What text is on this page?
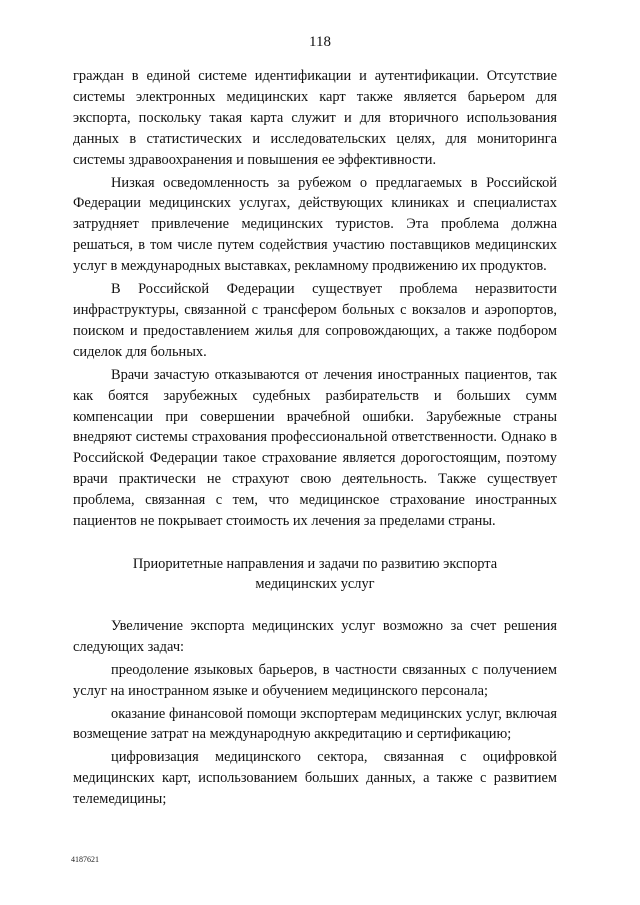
118

граждан в единой системе идентификации и аутентификации. Отсутствие системы электронных медицинских карт также является барьером для экспорта, поскольку такая карта служит и для вторичного использования данных в статистических и исследовательских целях, для мониторинга системы здравоохранения и повышения ее эффективности.

Низкая осведомленность за рубежом о предлагаемых в Российской Федерации медицинских услугах, действующих клиниках и специалистах затрудняет привлечение медицинских туристов. Эта проблема должна решаться, в том числе путем содействия участию поставщиков медицинских услуг в международных выставках, рекламному продвижению их продуктов.

В Российской Федерации существует проблема неразвитости инфраструктуры, связанной с трансфером больных с вокзалов и аэропортов, поиском и предоставлением жилья для сопровождающих, а также подбором сиделок для больных.

Врачи зачастую отказываются от лечения иностранных пациентов, так как боятся зарубежных судебных разбирательств и больших сумм компенсации при совершении врачебной ошибки. Зарубежные страны внедряют системы страхования профессиональной ответственности. Однако в Российской Федерации такое страхование является дорогостоящим, поэтому врачи практически не страхуют свою деятельность. Также существует проблема, связанная с тем, что медицинское страхование иностранных пациентов не покрывает стоимость их лечения за пределами страны.

Приоритетные направления и задачи по развитию экспорта
медицинских услуг

Увеличение экспорта медицинских услуг возможно за счет решения следующих задач:

преодоление языковых барьеров, в частности связанных с получением услуг на иностранном языке и обучением медицинского персонала;

оказание финансовой помощи экспортерам медицинских услуг, включая возмещение затрат на международную аккредитацию и сертификацию;

цифровизация медицинского сектора, связанная с оцифровкой медицинских карт, использованием больших данных, а также с развитием телемедицины;

4187621
